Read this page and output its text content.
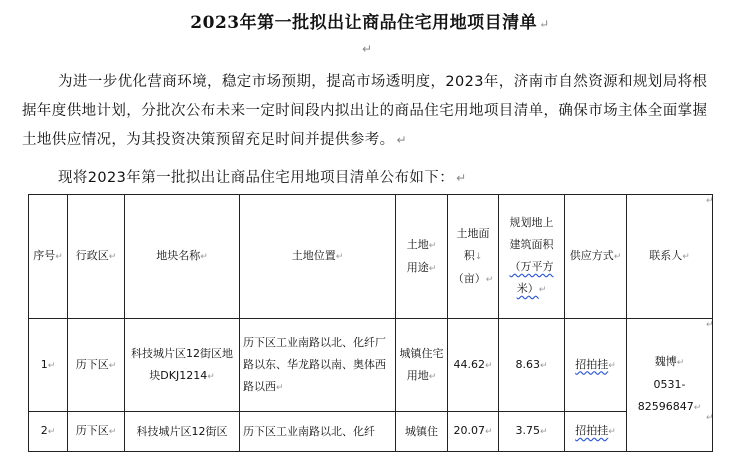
2023年第一批拟出让商品住宅用地项目清单 ↵
↵

为进一步优化营商环境，稳定市场预期，提高市场透明度，2023年，济南市自然资源和规划局将根据年度供地计划，分批次公布未来一定时间段内拟出让的商品住宅用地项目清单，确保市场主体全面掌握土地供应情况，为其投资决策预留充足时间并提供参考。 ↵

现将2023年第一批拟出让商品住宅用地项目清单公布如下： ↵

序号↵	行政区↵	地块名称↵	土地位置↵	土地↵
用途↵	土地面
积↓
（亩）↵	规划地上
建筑面积
（万平方
米）↵	供应方式↵	联系人↵
1↵	历下区↵	科技城片区12街区地块DKJ1214↵	历下区工业南路以北、化纤厂路以东、华龙路以南、奥体西路以西↵	城镇住宅用地↵	44.62↵	8.63↵	招拍挂↵	魏博↵
0531-
82596847↵
2↵	历下区↵	科技城片区12街区	历下区工业南路以北、化纤	城镇住	20.07↵	3.75↵	招拍挂↵	
↵
↵
↵
